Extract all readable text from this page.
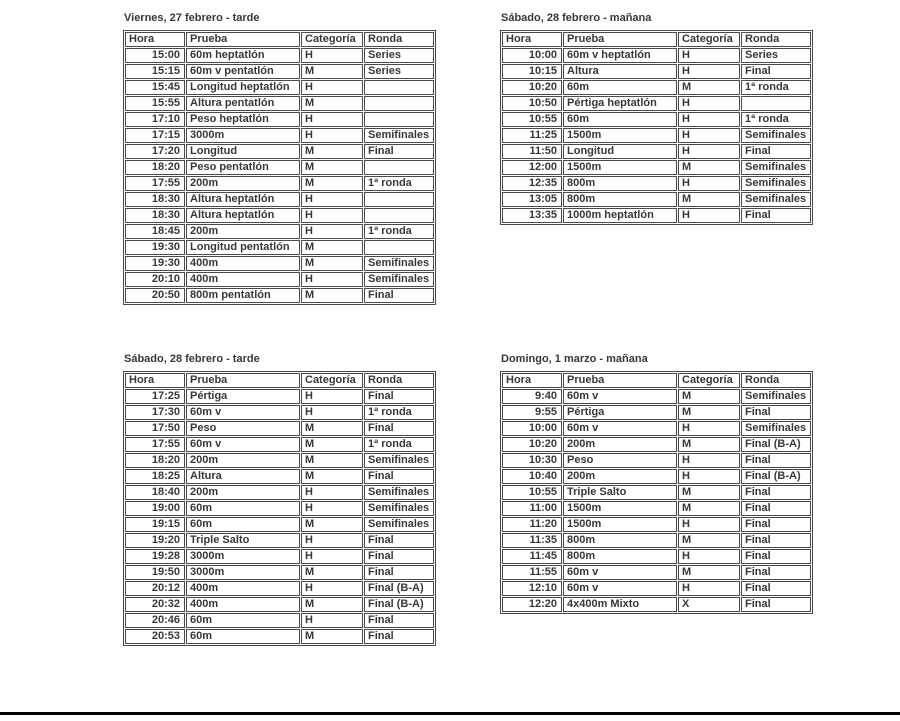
Viernes, 27 febrero - tarde
Hora	Prueba	Categoría	Ronda
15:00	60m heptatlón	H	Series
15:15	60m v pentatlón	M	Series
15:45	Longitud heptatlón	H	
15:55	Altura pentatlón	M	
17:10	Peso heptatlón	H	
17:15	3000m	H	Semifinales
17:20	Longitud	M	Final
18:20	Peso pentatlón	M	
17:55	200m	M	1ª ronda
18:30	Altura heptatlón	H	
18:30	Altura heptatlón	H	
18:45	200m	H	1ª ronda
19:30	Longitud pentatlón	M	
19:30	400m	M	Semifinales
20:10	400m	H	Semifinales
20:50	800m pentatlón	M	Final
Sábado, 28 febrero - mañana
Hora	Prueba	Categoría	Ronda
10:00	60m v heptatlón	H	Series
10:15	Altura	H	Final
10:20	60m	M	1ª ronda
10:50	Pértiga heptatlón	H	
10:55	60m	H	1ª ronda
11:25	1500m	H	Semifinales
11:50	Longitud	H	Final
12:00	1500m	M	Semifinales
12:35	800m	H	Semifinales
13:05	800m	M	Semifinales
13:35	1000m heptatlón	H	Final
Sábado, 28 febrero - tarde
Hora	Prueba	Categoría	Ronda
17:25	Pértiga	H	Final
17:30	60m v	H	1ª ronda
17:50	Peso	M	Final
17:55	60m v	M	1ª ronda
18:20	200m	M	Semifinales
18:25	Altura	M	Final
18:40	200m	H	Semifinales
19:00	60m	H	Semifinales
19:15	60m	M	Semifinales
19:20	Triple Salto	H	Final
19:28	3000m	H	Final
19:50	3000m	M	Final
20:12	400m	H	Final (B-A)
20:32	400m	M	Final (B-A)
20:46	60m	H	Final
20:53	60m	M	Final
Domingo, 1 marzo - mañana
Hora	Prueba	Categoría	Ronda
9:40	60m v	M	Semifinales
9:55	Pértiga	M	Final
10:00	60m v	H	Semifinales
10:20	200m	M	Final (B-A)
10:30	Peso	H	Final
10:40	200m	H	Final (B-A)
10:55	Triple Salto	M	Final
11:00	1500m	M	Final
11:20	1500m	H	Final
11:35	800m	M	Final
11:45	800m	H	Final
11:55	60m v	M	Final
12:10	60m v	H	Final
12:20	4x400m Mixto	X	Final
